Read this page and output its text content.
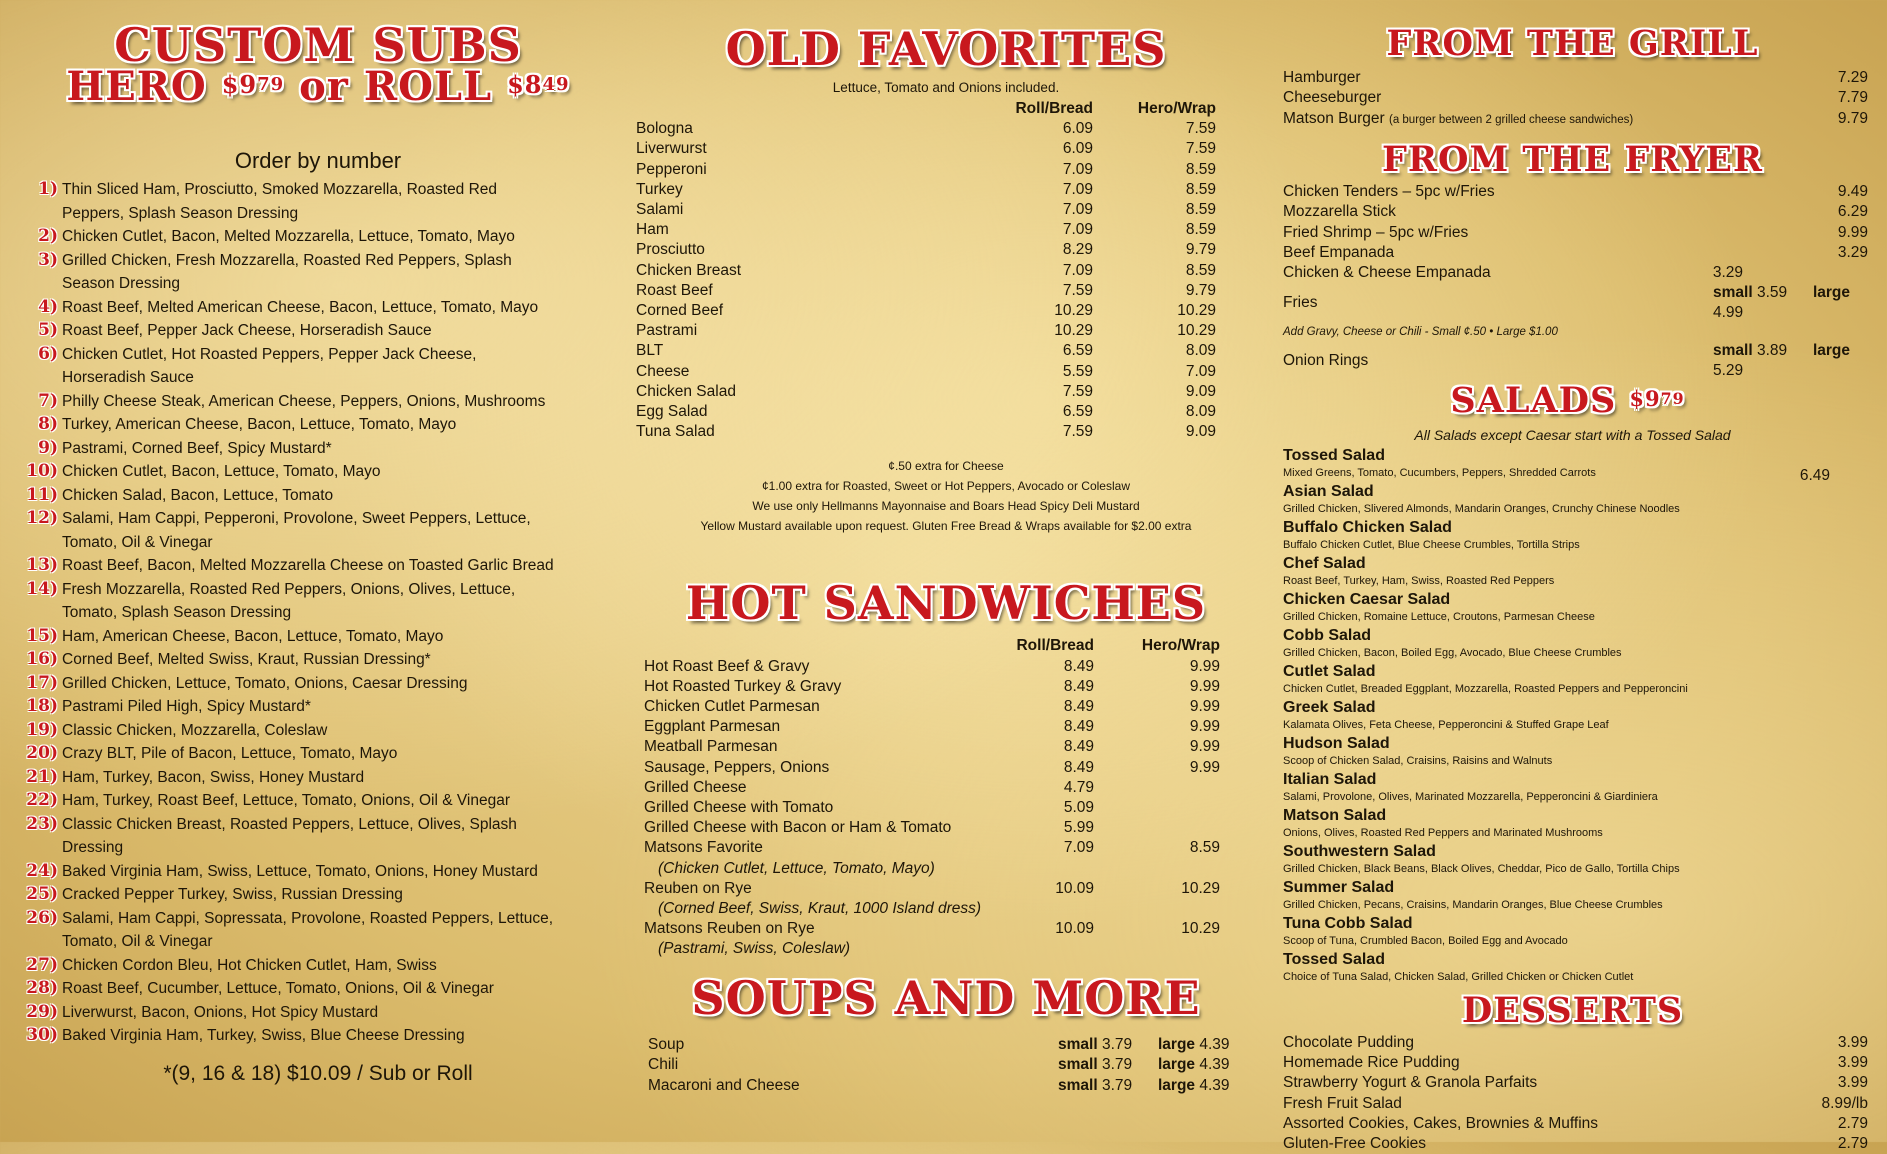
CUSTOM SUBS
HERO $^{\$979}$ or ROLL $^{\$849}$
Order by number
1) Thin Sliced Ham, Prosciutto, Smoked Mozzarella, Roasted Red Peppers, Splash Season Dressing
2) Chicken Cutlet, Bacon, Melted Mozzarella, Lettuce, Tomato, Mayo
3) Grilled Chicken, Fresh Mozzarella, Roasted Red Peppers, Splash Season Dressing
4) Roast Beef, Melted American Cheese, Bacon, Lettuce, Tomato, Mayo
5) Roast Beef, Pepper Jack Cheese, Horseradish Sauce
6) Chicken Cutlet, Hot Roasted Peppers, Pepper Jack Cheese, Horseradish Sauce
7) Philly Cheese Steak, American Cheese, Peppers, Onions, Mushrooms
8) Turkey, American Cheese, Bacon, Lettuce, Tomato, Mayo
9) Pastrami, Corned Beef, Spicy Mustard*
10) Chicken Cutlet, Bacon, Lettuce, Tomato, Mayo
11) Chicken Salad, Bacon, Lettuce, Tomato
12) Salami, Ham Cappi, Pepperoni, Provolone, Sweet Peppers, Lettuce, Tomato, Oil & Vinegar
13) Roast Beef, Bacon, Melted Mozzarella Cheese on Toasted Garlic Bread
14) Fresh Mozzarella, Roasted Red Peppers, Onions, Olives, Lettuce, Tomato, Splash Season Dressing
15) Ham, American Cheese, Bacon, Lettuce, Tomato, Mayo
16) Corned Beef, Melted Swiss, Kraut, Russian Dressing*
17) Grilled Chicken, Lettuce, Tomato, Onions, Caesar Dressing
18) Pastrami Piled High, Spicy Mustard*
19) Classic Chicken, Mozzarella, Coleslaw
20) Crazy BLT, Pile of Bacon, Lettuce, Tomato, Mayo
21) Ham, Turkey, Bacon, Swiss, Honey Mustard
22) Ham, Turkey, Roast Beef, Lettuce, Tomato, Onions, Oil & Vinegar
23) Classic Chicken Breast, Roasted Peppers, Lettuce, Olives, Splash Dressing
24) Baked Virginia Ham, Swiss, Lettuce, Tomato, Onions, Honey Mustard
25) Cracked Pepper Turkey, Swiss, Russian Dressing
26) Salami, Ham Cappi, Sopressata, Provolone, Roasted Peppers, Lettuce, Tomato, Oil & Vinegar
27) Chicken Cordon Bleu, Hot Chicken Cutlet, Ham, Swiss
28) Roast Beef, Cucumber, Lettuce, Tomato, Onions, Oil & Vinegar
29) Liverwurst, Bacon, Onions, Hot Spicy Mustard
30) Baked Virginia Ham, Turkey, Swiss, Blue Cheese Dressing
*(9, 16 & 18) $10.09 / Sub or Roll
OLD FAVORITES
Lettuce, Tomato and Onions included.
	Roll/Bread	Hero/Wrap	
Bologna	6.09	7.59	
Liverwurst	6.09	7.59	
Pepperoni	7.09	8.59	
Turkey	7.09	8.59	
Salami	7.09	8.59	
Ham	7.09	8.59	
Prosciutto	8.29	9.79	
Chicken Breast	7.09	8.59	
Roast Beef	7.59	9.79	
Corned Beef	10.29	10.29	
Pastrami	10.29	10.29	
BLT	6.59	8.09	
Cheese	5.59	7.09	
Chicken Salad	7.59	9.09	
Egg Salad	6.59	8.09	
Tuna Salad	7.59	9.09	
¢.50 extra for Cheese
¢1.00 extra for Roasted, Sweet or Hot Peppers, Avocado or Coleslaw
We use only Hellmanns Mayonnaise and Boars Head Spicy Deli Mustard
Yellow Mustard available upon request. Gluten Free Bread & Wraps available for $2.00 extra
HOT SANDWICHES
	Roll/Bread	Hero/Wrap	
Hot Roast Beef & Gravy	8.49	9.99	
Hot Roasted Turkey & Gravy	8.49	9.99	
Chicken Cutlet Parmesan	8.49	9.99	
Eggplant Parmesan	8.49	9.99	
Meatball Parmesan	8.49	9.99	
Sausage, Peppers, Onions	8.49	9.99	
Grilled Cheese	4.79		
Grilled Cheese with Tomato	5.09		
Grilled Cheese with Bacon or Ham & Tomato	5.99		
Matsons Favorite	7.09	8.59	
(Chicken Cutlet, Lettuce, Tomato, Mayo)			
Reuben on Rye	10.09	10.29	
(Corned Beef, Swiss, Kraut, 1000 Island dress)			
Matsons Reuben on Rye	10.09	10.29	
(Pastrami, Swiss, Coleslaw)			
SOUPS AND MORE
Soup	small 3.79	large 4.39
Chili	small 3.79	large 4.39
Macaroni and Cheese	small 3.79	large 4.39
FROM THE GRILL
Hamburger	7.29
Cheeseburger	7.79
Matson Burger (a burger between 2 grilled cheese sandwiches)	9.79
FROM THE FRYER
Chicken Tenders – 5pc w/Fries		9.49
Mozzarella Stick		6.29
Fried Shrimp – 5pc w/Fries		9.99
Beef Empanada		3.29
Chicken & Cheese Empanada	3.29	
Fries	small 3.59 large 4.99	
Add Gravy, Cheese or Chili - Small ¢.50 • Large $1.00		
Onion Rings	small 3.89 large 5.29	
SALADS $^{\$979}$
All Salads except Caesar start with a Tossed Salad
Tossed Salad
Mixed Greens, Tomato, Cucumbers, Peppers, Shredded Carrots	6.49
Asian Salad
Grilled Chicken, Slivered Almonds, Mandarin Oranges, Crunchy Chinese Noodles
Buffalo Chicken Salad
Buffalo Chicken Cutlet, Blue Cheese Crumbles, Tortilla Strips
Chef Salad
Roast Beef, Turkey, Ham, Swiss, Roasted Red Peppers
Chicken Caesar Salad
Grilled Chicken, Romaine Lettuce, Croutons, Parmesan Cheese
Cobb Salad
Grilled Chicken, Bacon, Boiled Egg, Avocado, Blue Cheese Crumbles
Cutlet Salad
Chicken Cutlet, Breaded Eggplant, Mozzarella, Roasted Peppers and Pepperoncini
Greek Salad
Kalamata Olives, Feta Cheese, Pepperoncini & Stuffed Grape Leaf
Hudson Salad
Scoop of Chicken Salad, Craisins, Raisins and Walnuts
Italian Salad
Salami, Provolone, Olives, Marinated Mozzarella, Pepperoncini & Giardiniera
Matson Salad
Onions, Olives, Roasted Red Peppers and Marinated Mushrooms
Southwestern Salad
Grilled Chicken, Black Beans, Black Olives, Cheddar, Pico de Gallo, Tortilla Chips
Summer Salad
Grilled Chicken, Pecans, Craisins, Mandarin Oranges, Blue Cheese Crumbles
Tuna Cobb Salad
Scoop of Tuna, Crumbled Bacon, Boiled Egg and Avocado
Tossed Salad
Choice of Tuna Salad, Chicken Salad, Grilled Chicken or Chicken Cutlet
DESSERTS
Chocolate Pudding	3.99
Homemade Rice Pudding	3.99
Strawberry Yogurt & Granola Parfaits	3.99
Fresh Fruit Salad	8.99/lb
Assorted Cookies, Cakes, Brownies & Muffins	2.79
Gluten-Free Cookies	2.79
